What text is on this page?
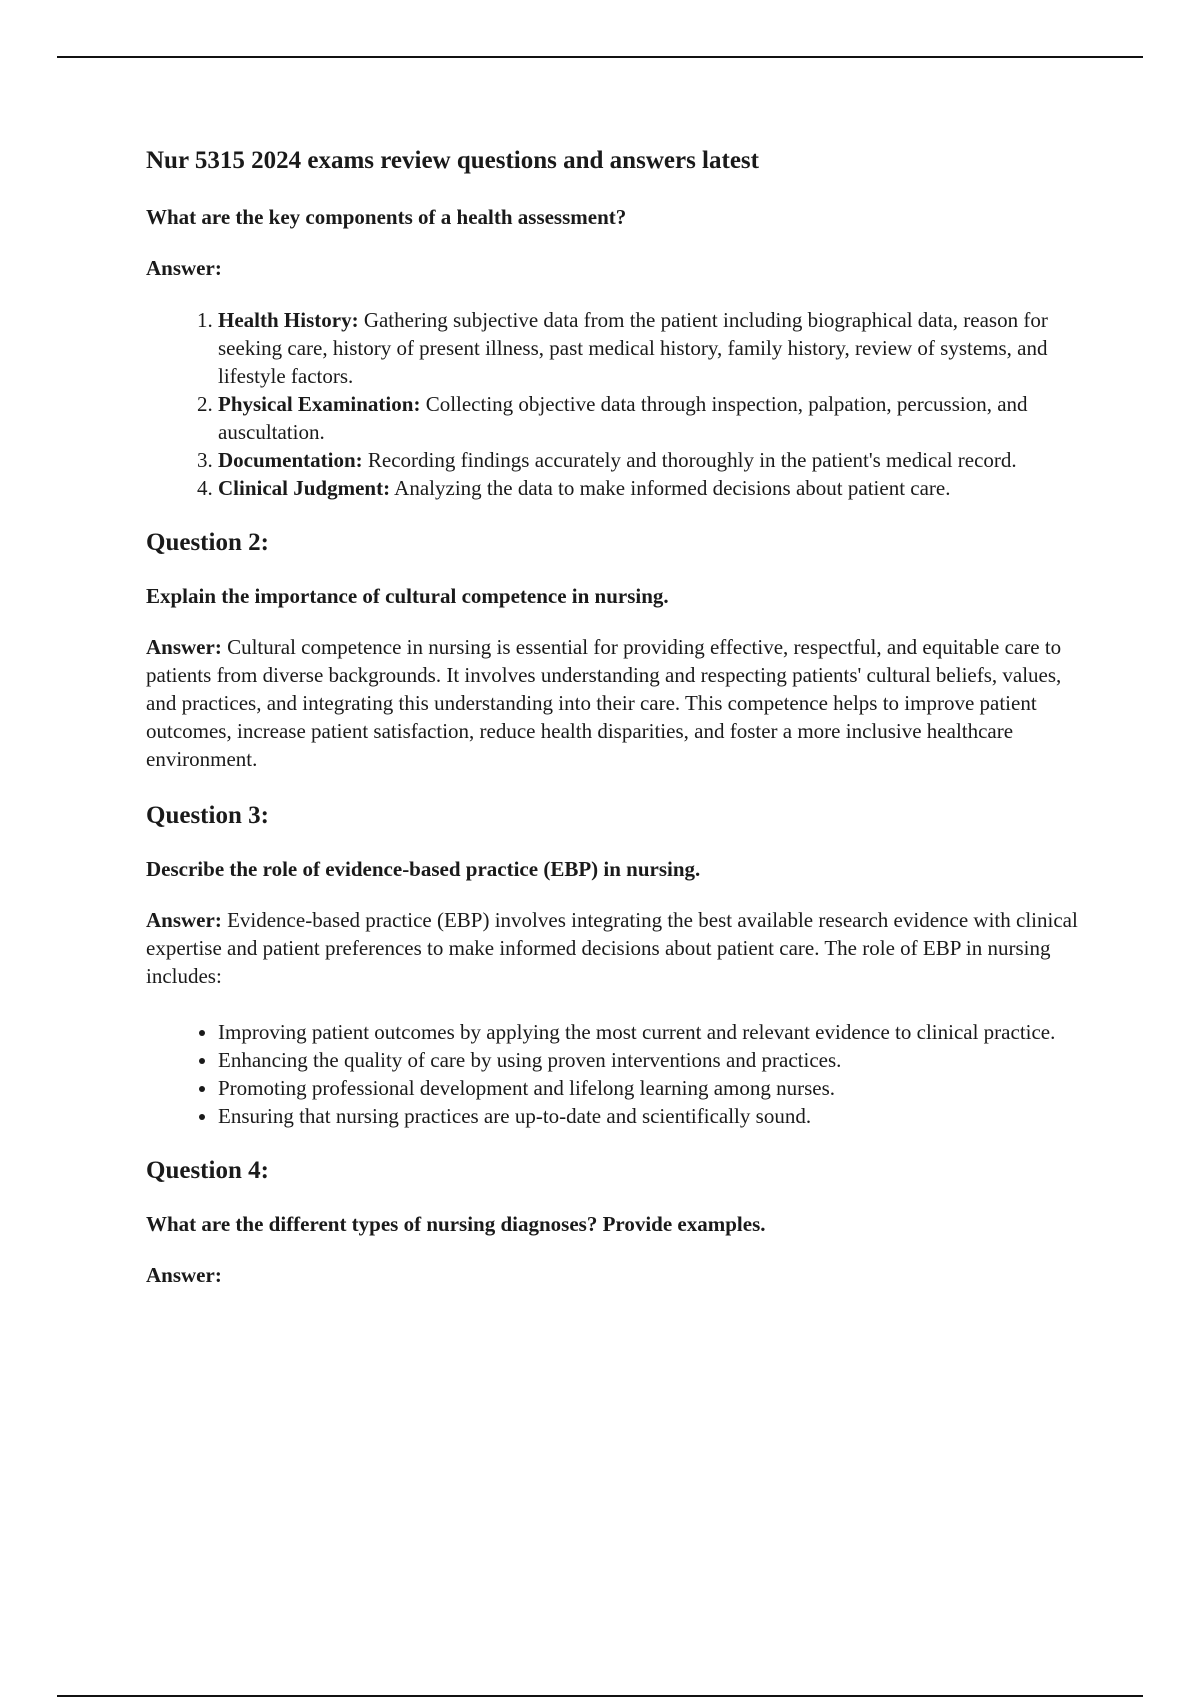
Nur 5315 2024 exams review questions and answers latest
What are the key components of a health assessment?
Answer:
1. Health History: Gathering subjective data from the patient including biographical data, reason for seeking care, history of present illness, past medical history, family history, review of systems, and lifestyle factors.
2. Physical Examination: Collecting objective data through inspection, palpation, percussion, and auscultation.
3. Documentation: Recording findings accurately and thoroughly in the patient's medical record.
4. Clinical Judgment: Analyzing the data to make informed decisions about patient care.
Question 2:
Explain the importance of cultural competence in nursing.

Answer: Cultural competence in nursing is essential for providing effective, respectful, and equitable care to patients from diverse backgrounds. It involves understanding and respecting patients' cultural beliefs, values, and practices, and integrating this understanding into their care. This competence helps to improve patient outcomes, increase patient satisfaction, reduce health disparities, and foster a more inclusive healthcare environment.

Question 3:
Describe the role of evidence-based practice (EBP) in nursing.

Answer: Evidence-based practice (EBP) involves integrating the best available research evidence with clinical expertise and patient preferences to make informed decisions about patient care. The role of EBP in nursing includes:

• Improving patient outcomes by applying the most current and relevant evidence to clinical practice.
• Enhancing the quality of care by using proven interventions and practices.
• Promoting professional development and lifelong learning among nurses.
• Ensuring that nursing practices are up-to-date and scientifically sound.
Question 4:
What are the different types of nursing diagnoses? Provide examples.
Answer:
